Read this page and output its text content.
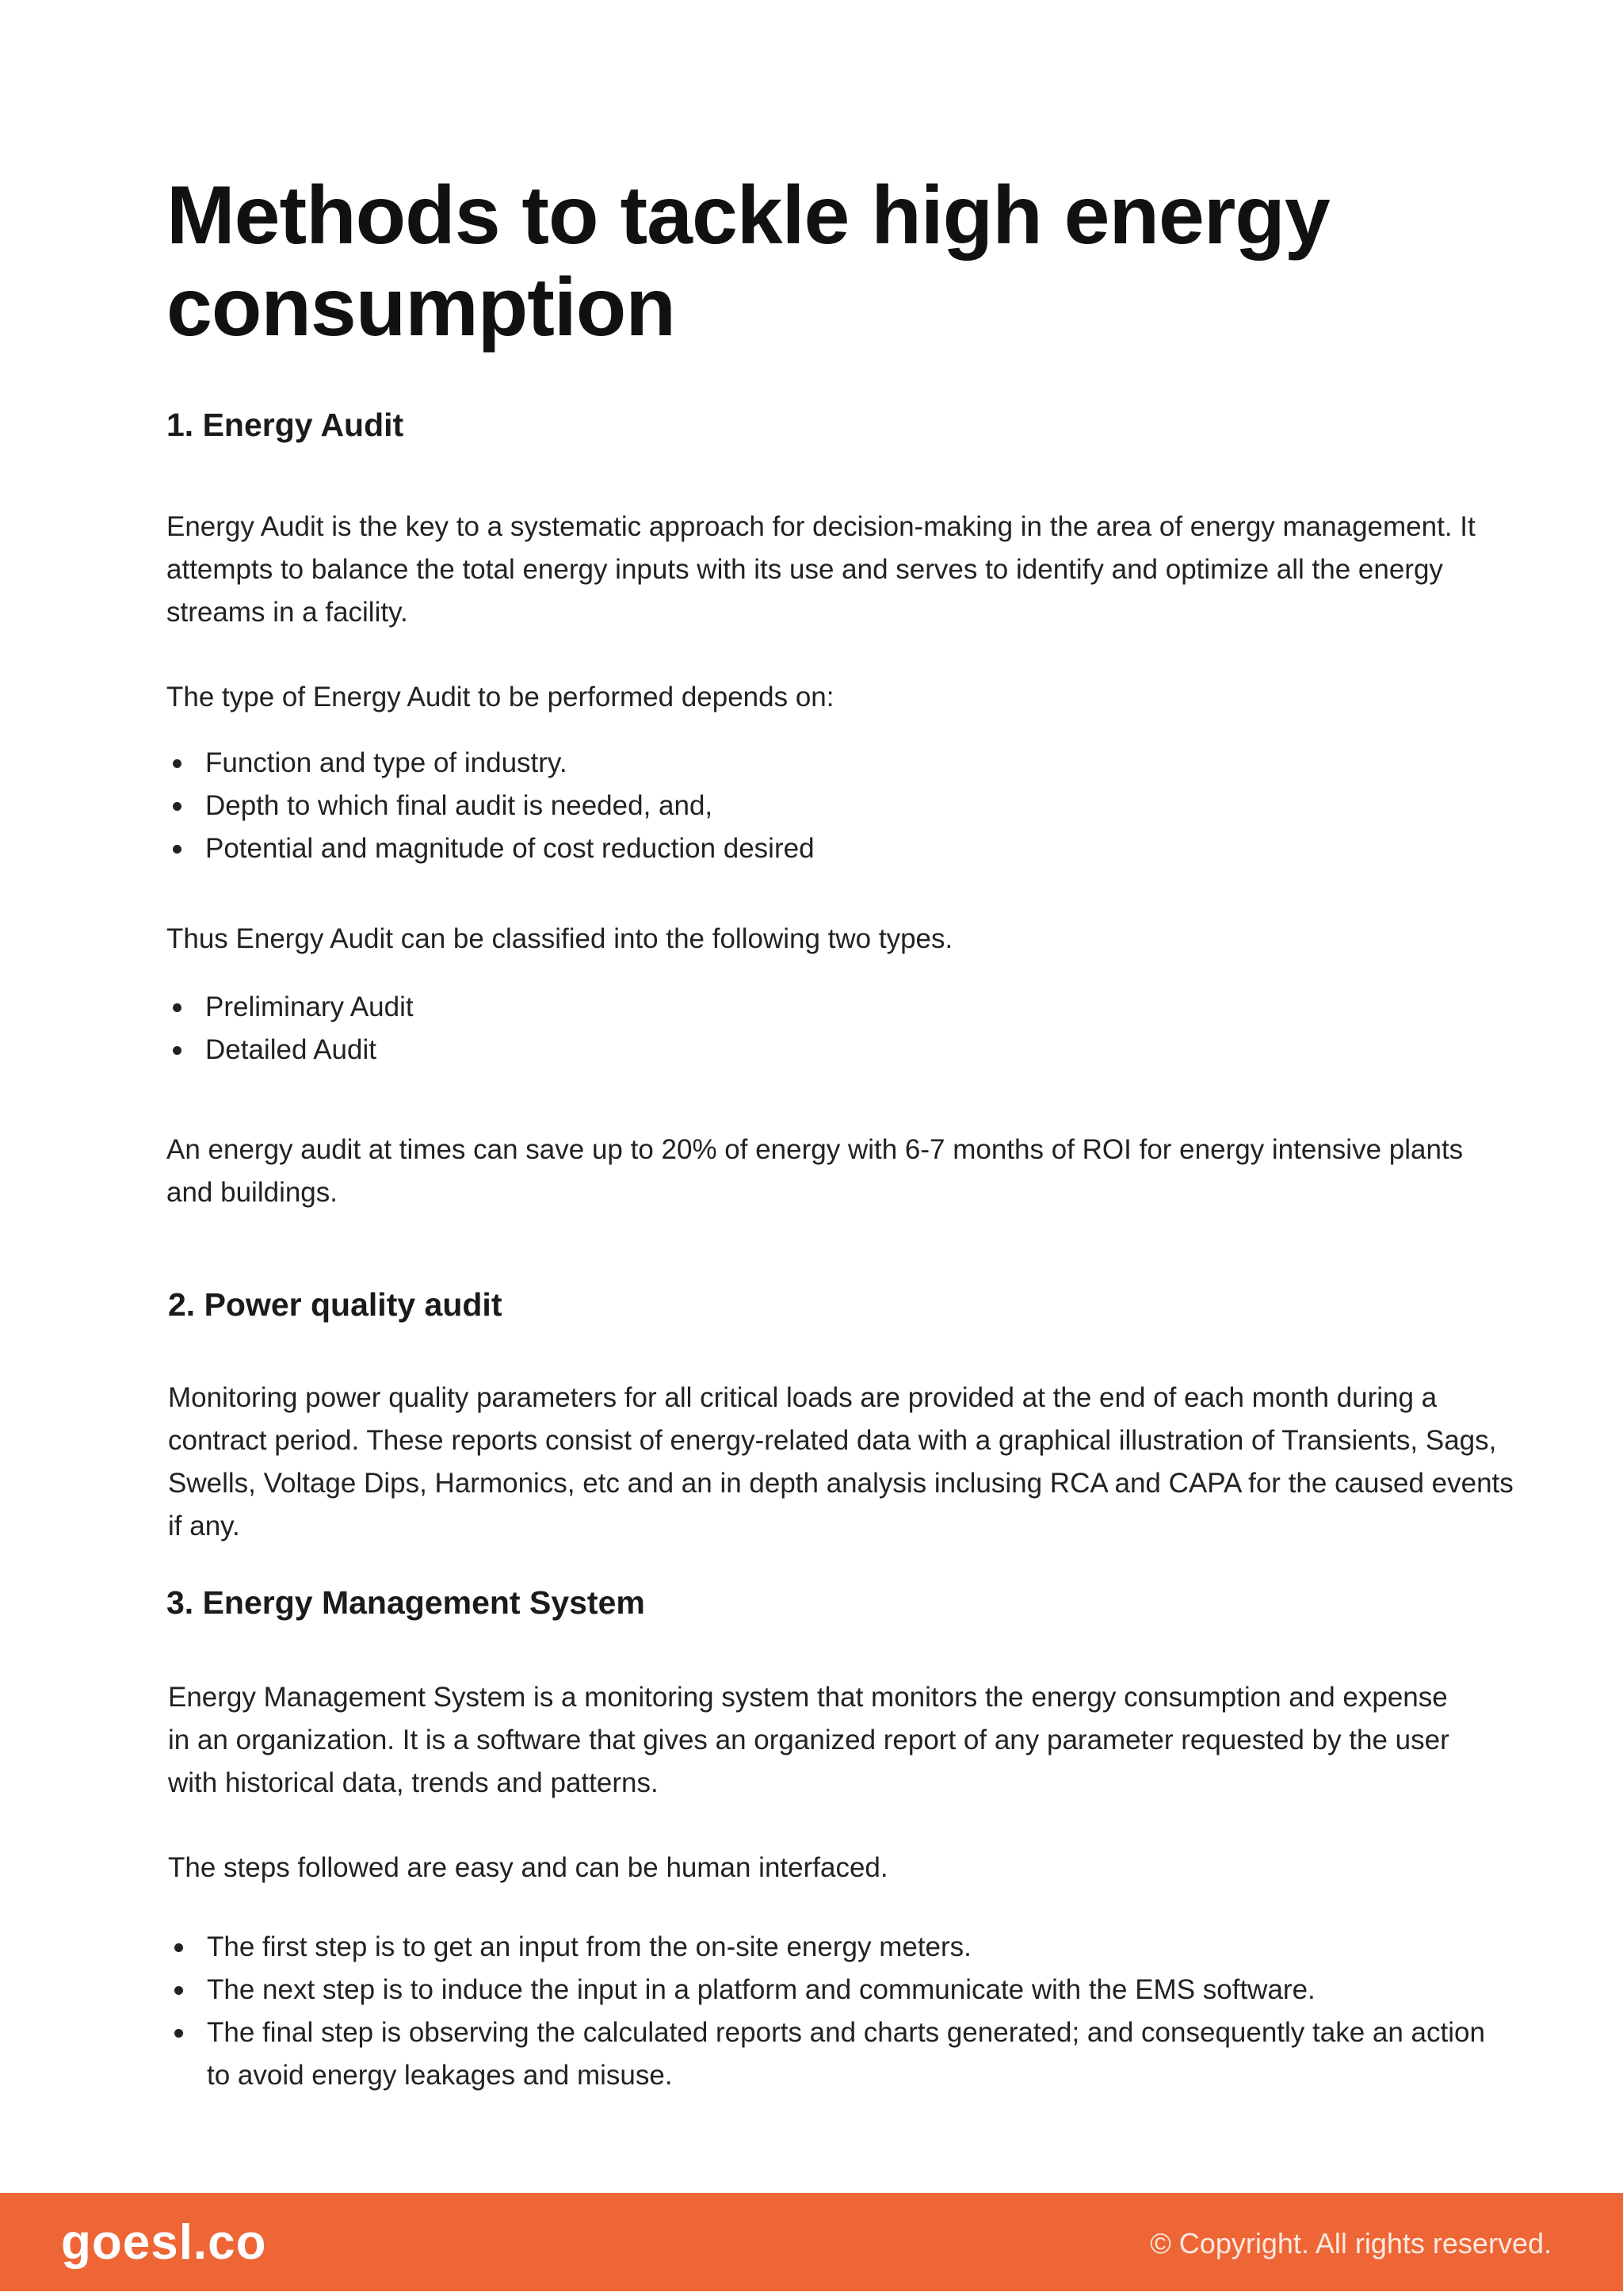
Methods to tackle high energy consumption
1. Energy Audit

Energy Audit is the key to a systematic approach for decision-making in the area of energy management. It attempts to balance the total energy inputs with its use and serves to identify and optimize all the energy streams in a facility.

The type of Energy Audit to be performed depends on:

Function and type of industry.
Depth to which final audit is needed, and,
Potential and magnitude of cost reduction desired

Thus Energy Audit can be classified into the following two types.

Preliminary Audit
Detailed Audit

An energy audit at times can save up to 20% of energy with 6-7 months of ROI for energy intensive plants and buildings.

2. Power quality audit

Monitoring power quality parameters for all critical loads are provided at the end of each month during a contract period. These reports consist of energy-related data with a graphical illustration of Transients, Sags, Swells, Voltage Dips, Harmonics, etc and an in depth analysis inclusing RCA and CAPA for the caused events if any.

3. Energy Management System

Energy Management System is a monitoring system that monitors the energy consumption and expense in an organization. It is a software that gives an organized report of any parameter requested by the user with historical data, trends and patterns.

The steps followed are easy and can be human interfaced.

The first step is to get an input from the on-site energy meters.
The next step is to induce the input in a platform and communicate with the EMS software.
The final step is observing the calculated reports and charts generated; and consequently take an action to avoid energy leakages and misuse.
goesl.co	© Copyright. All rights reserved.
